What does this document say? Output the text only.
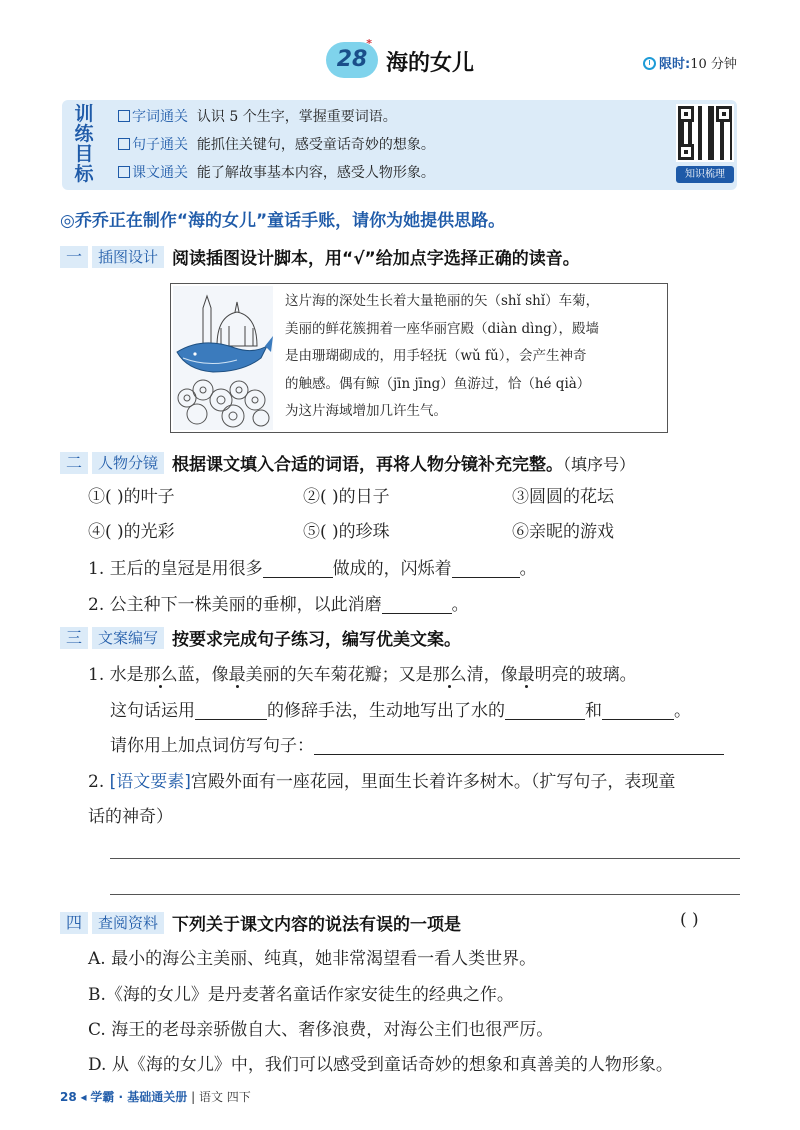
28
*
海的女儿	限时:10 分钟
训练目标
字词通关 认识 5 个生字，掌握重要词语。
句子通关 能抓住关键句，感受童话奇妙的想象。
课文通关 能了解故事基本内容，感受人物形象。	知识梳理
◎乔乔正在制作“海的女儿”童话手账，请你为她提供思路。
一 插图设计 阅读插图设计脚本，用“√”给加点字选择正确的读音。
这片海的深处生长着大量艳丽的矢（shǐ shǐ）车菊，
美丽的鲜花簇拥着一座华丽宫殿（diàn dìng），殿墙
是由珊瑚砌成的，用手轻抚（wǔ fǔ），会产生神奇
的触感。偶有鲸（jīn jīng）鱼游过，恰（hé qià）
为这片海域增加几许生气。
二 人物分镜 根据课文填入合适的词语，再将人物分镜补充完整。（填序号）
①( )的叶子	②( )的日子	③圆圆的花坛
④( )的光彩	⑤( )的珍珠	⑥亲昵的游戏
1. 王后的皇冠是用很多	做成的，闪烁着	。
2. 公主种下一株美丽的垂柳，以此消磨	。
三 文案编写 按要求完成句子练习，编写优美文案。
1. 水是那么蓝，像最美丽的矢车菊花瓣；又是那么清，像最明亮的玻璃。
这句话运用	的修辞手法，生动地写出了水的	和	。
请你用上加点词仿写句子：
2. [语文要素]宫殿外面有一座花园，里面生长着许多树木。（扩写句子，表现童
话的神奇）
四 查阅资料 下列关于课文内容的说法有误的一项是	( )
A. 最小的海公主美丽、纯真，她非常渴望看一看人类世界。
B.《海的女儿》是丹麦著名童话作家安徒生的经典之作。
C. 海王的老母亲骄傲自大、奢侈浪费，对海公主们也很严厉。
D. 从《海的女儿》中，我们可以感受到童话奇妙的想象和真善美的人物形象。
28 ◂ 学霸 · 基础通关册 | 语文 四下
